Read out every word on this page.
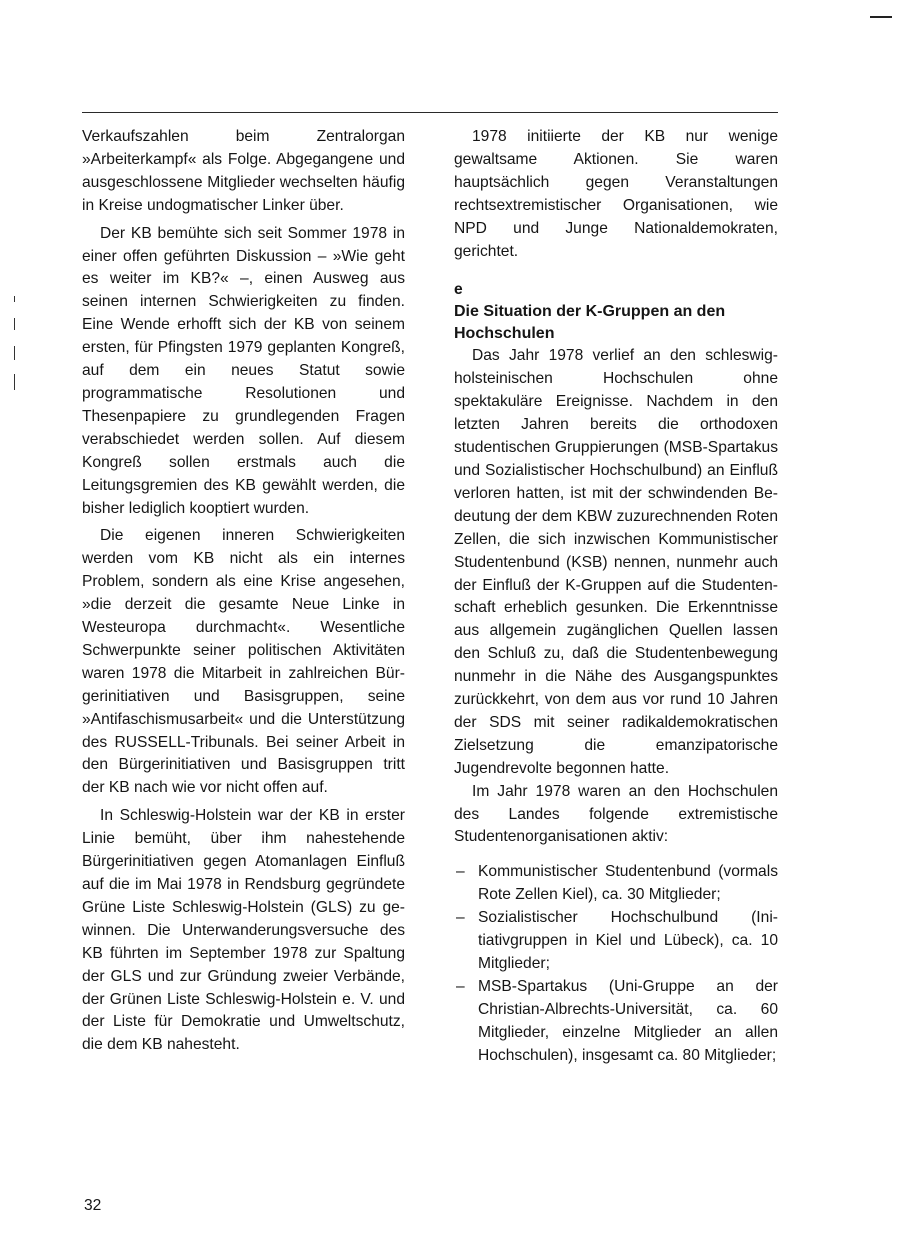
Verkaufszahlen beim Zentralorgan »Arbeiterkampf« als Folge. Abgegangene und ausgeschlossene Mitglieder wechselten häufig in Kreise undogmatischer Linker über.

Der KB bemühte sich seit Sommer 1978 in einer offen geführten Diskussion – »Wie geht es weiter im KB?« –, einen Ausweg aus seinen internen Schwierigkeiten zu finden. Eine Wende erhofft sich der KB von seinem ersten, für Pfingsten 1979 geplanten Kongreß, auf dem ein neues Statut sowie programmatische Resolutionen und Thesenpapiere zu grundlegenden Fragen verabschiedet werden sollen. Auf diesem Kongreß sollen erstmals auch die Leitungsgremien des KB gewählt werden, die bisher lediglich kooptiert wurden.

Die eigenen inneren Schwierigkeiten werden vom KB nicht als ein internes Problem, sondern als eine Krise angesehen, »die derzeit die gesamte Neue Linke in Westeuropa durchmacht«. Wesentliche Schwerpunkte seiner politischen Aktivitäten waren 1978 die Mitarbeit in zahlreichen Bürgerinitiativen und Basisgruppen, seine »Antifaschismusarbeit« und die Unterstützung des RUSSELL-Tribunals. Bei seiner Arbeit in den Bürgerinitiativen und Basisgruppen tritt der KB nach wie vor nicht offen auf.

In Schleswig-Holstein war der KB in erster Linie bemüht, über ihm nahestehende Bürgerinitiativen gegen Atomanlagen Einfluß auf die im Mai 1978 in Rendsburg gegründete Grüne Liste Schleswig-Holstein (GLS) zu gewinnen. Die Unterwanderungsversuche des KB führten im September 1978 zur Spaltung der GLS und zur Gründung zweier Verbände, der Grünen Liste Schleswig-Holstein e. V. und der Liste für Demokratie und Umweltschutz, die dem KB nahesteht.

1978 initiierte der KB nur wenige gewaltsame Aktionen. Sie waren hauptsächlich gegen Veranstaltungen rechtsextremistischer Organisationen, wie NPD und Junge Nationaldemokraten, gerichtet.

e
Die Situation der K-Gruppen an den Hochschulen

Das Jahr 1978 verlief an den schleswig-holsteinischen Hochschulen ohne spektakuläre Ereignisse. Nachdem in den letzten Jahren bereits die orthodoxen studentischen Gruppierungen (MSB-Spartakus und Sozialistischer Hochschulbund) an Einfluß verloren hatten, ist mit der schwindenden Bedeutung der dem KBW zuzurechnenden Roten Zellen, die sich inzwischen Kommunistischer Studentenbund (KSB) nennen, nunmehr auch der Einfluß der K-Gruppen auf die Studentenschaft erheblich gesunken. Die Erkenntnisse aus allgemein zugänglichen Quellen lassen den Schluß zu, daß die Studentenbewegung nunmehr in die Nähe des Ausgangspunktes zurückkehrt, von dem aus vor rund 10 Jahren der SDS mit seiner radikaldemokratischen Zielsetzung die emanzipatorische Jugendrevolte begonnen hatte.

Im Jahr 1978 waren an den Hochschulen des Landes folgende extremistische Studentenorganisationen aktiv:

– Kommunistischer Studentenbund (vormals Rote Zellen Kiel), ca. 30 Mitglieder;
– Sozialistischer Hochschulbund (Initiativgruppen in Kiel und Lübeck), ca. 10 Mitglieder;
– MSB-Spartakus (Uni-Gruppe an der Christian-Albrechts-Universität, ca. 60 Mitglieder, einzelne Mitglieder an allen Hochschulen), insgesamt ca. 80 Mitglieder;
32
